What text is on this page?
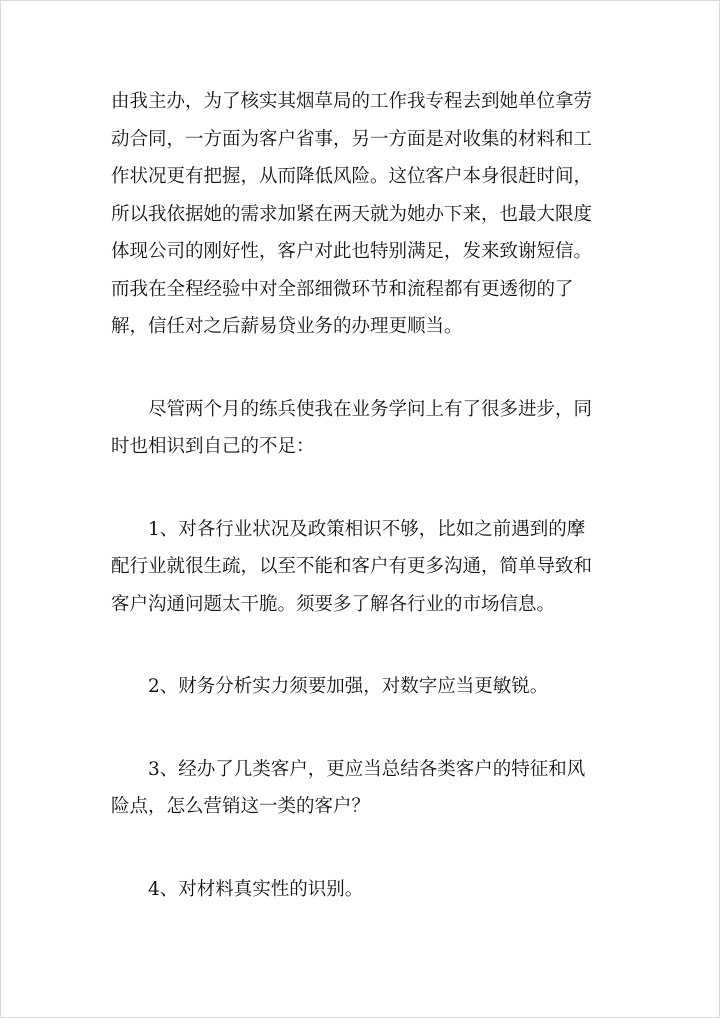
由我主办，为了核实其烟草局的工作我专程去到她单位拿劳
动合同，一方面为客户省事，另一方面是对收集的材料和工
作状况更有把握，从而降低风险。这位客户本身很赶时间，
所以我依据她的需求加紧在两天就为她办下来，也最大限度
体现公司的刚好性，客户对此也特别满足，发来致谢短信。
而我在全程经验中对全部细微环节和流程都有更透彻的了
解，信任对之后薪易贷业务的办理更顺当。
尽管两个月的练兵使我在业务学问上有了很多进步，同
时也相识到自己的不足：
1、对各行业状况及政策相识不够，比如之前遇到的摩
配行业就很生疏，以至不能和客户有更多沟通，简单导致和
客户沟通问题太干脆。须要多了解各行业的市场信息。
2、财务分析实力须要加强，对数字应当更敏锐。
3、经办了几类客户，更应当总结各类客户的特征和风
险点，怎么营销这一类的客户？
4、对材料真实性的识别。
